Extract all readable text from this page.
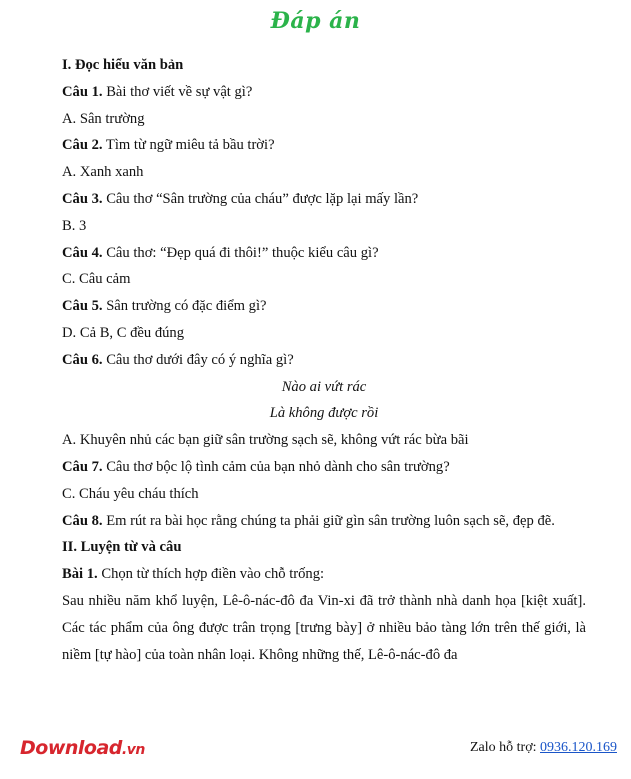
Đáp án

I. Đọc hiểu văn bản

Câu 1. Bài thơ viết về sự vật gì?

A. Sân trường

Câu 2. Tìm từ ngữ miêu tả bầu trời?

A. Xanh xanh

Câu 3. Câu thơ “Sân trường của cháu” được lặp lại mấy lần?

B. 3

Câu 4. Câu thơ: “Đẹp quá đi thôi!” thuộc kiểu câu gì?

C. Câu cảm

Câu 5. Sân trường có đặc điểm gì?

D. Cả B, C đều đúng

Câu 6. Câu thơ dưới đây có ý nghĩa gì?

Nào ai vứt rác

Là không được rồi

A. Khuyên nhủ các bạn giữ sân trường sạch sẽ, không vứt rác bừa bãi

Câu 7. Câu thơ bộc lộ tình cảm của bạn nhỏ dành cho sân trường?

C. Cháu yêu cháu thích

Câu 8. Em rút ra bài học rằng chúng ta phải giữ gìn sân trường luôn sạch sẽ, đẹp đẽ.

II. Luyện từ và câu

Bài 1. Chọn từ thích hợp điền vào chỗ trống:

Sau nhiều năm khổ luyện, Lê-ô-nác-đô đa Vin-xi đã trở thành nhà danh họa [kiệt xuất]. Các tác phẩm của ông được trân trọng [trưng bày] ở nhiều bảo tàng lớn trên thế giới, là niềm [tự hào] của toàn nhân loại. Không những thế, Lê-ô-nác-đô đa

Download.vn	Zalo hỗ trợ: 0936.120.169
